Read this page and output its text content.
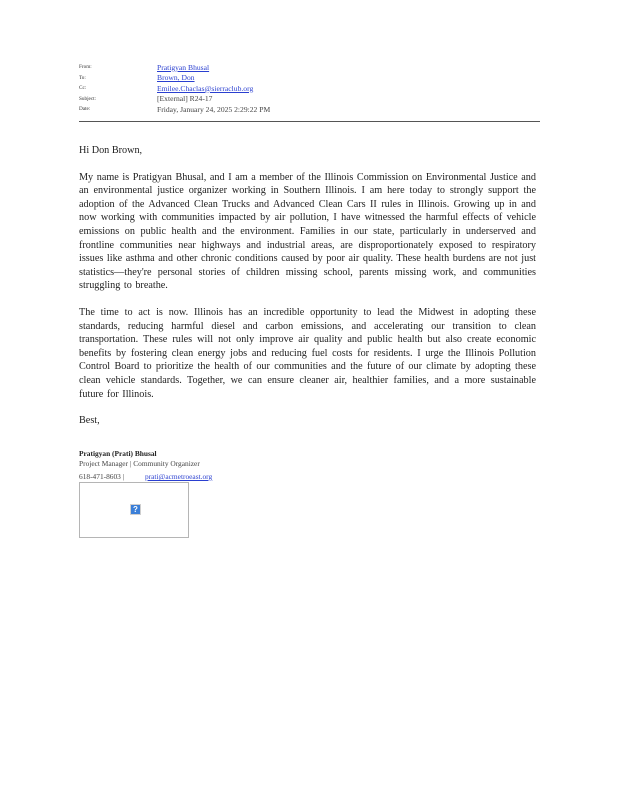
From:	Pratigyan Bhusal
To:	Brown, Don
Cc:	Emilee.Chaclas@sierraclub.org
Subject:	[External] R24-17
Date:	Friday, January 24, 2025 2:29:22 PM

Hi Don Brown,

My name is Pratigyan Bhusal, and I am a member of the Illinois Commission on Environmental Justice and an environmental justice organizer working in Southern Illinois. I am here today to strongly support the adoption of the Advanced Clean Trucks and Advanced Clean Cars II rules in Illinois. Growing up in and now working with communities impacted by air pollution, I have witnessed the harmful effects of vehicle emissions on public health and the environment. Families in our state, particularly in underserved and frontline communities near highways and industrial areas, are disproportionately exposed to respiratory issues like asthma and other chronic conditions caused by poor air quality. These health burdens are not just statistics—they're personal stories of children missing school, parents missing work, and communities struggling to breathe.

The time to act is now. Illinois has an incredible opportunity to lead the Midwest in adopting these standards, reducing harmful diesel and carbon emissions, and accelerating our transition to clean transportation. These rules will not only improve air quality and public health but also create economic benefits by fostering clean energy jobs and reducing fuel costs for residents. I urge the Illinois Pollution Control Board to prioritize the health of our communities and the future of our climate by adopting these clean vehicle standards. Together, we can ensure cleaner air, healthier families, and a more sustainable future for Illinois.

Best,

Pratigyan (Prati) Bhusal
Project Manager | Community Organizer
618-471-8603 |	prati@acmetroeast.org
?
